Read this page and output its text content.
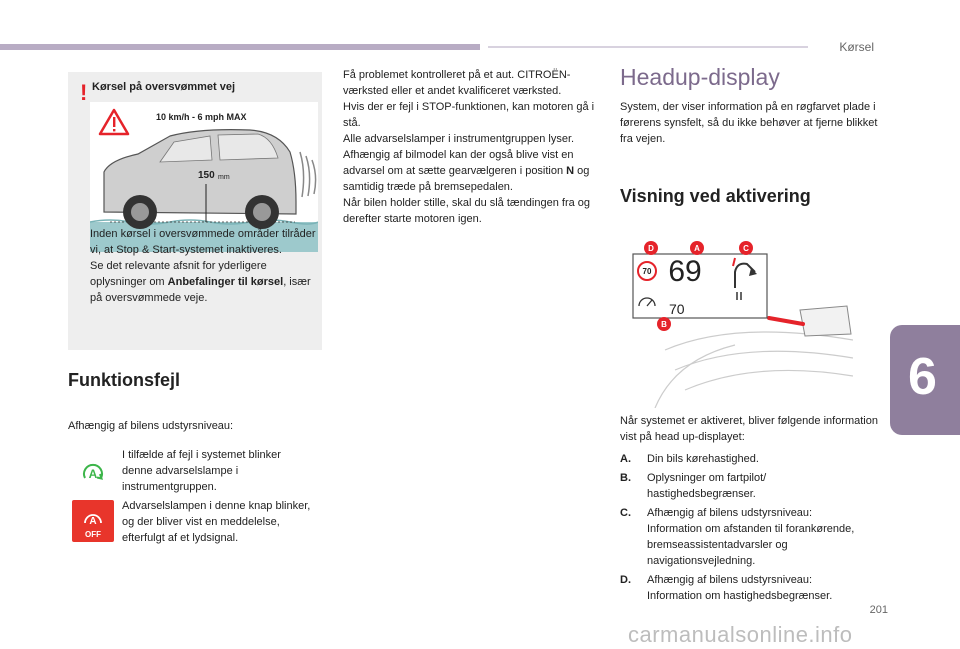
Kørsel
6
201
carmanualsonline.info
! Kørsel på oversvømmet vej
10 km/h - 6 mph MAX
150 mm
Inden kørsel i oversvømmede områder tilråder vi, at Stop & Start-systemet inaktiveres.
Se det relevante afsnit for yderligere oplysninger om Anbefalinger til kørsel, især på oversvømmede veje.
Funktionsfejl
Afhængig af bilens udstyrsniveau:
A
I tilfælde af fejl i systemet blinker denne advarselslampe i instrumentgruppen.
A
OFF
Advarselslampen i denne knap blinker, og der bliver vist en meddelelse, efterfulgt af et lydsignal.
Få problemet kontrolleret på et aut. CITROËN-værksted eller et andet kvalificeret værksted.
Hvis der er fejl i STOP-funktionen, kan motoren gå i stå.
Alle advarselslamper i instrumentgruppen lyser.
Afhængig af bilmodel kan der også blive vist en advarsel om at sætte gearvælgeren i position N og samtidig træde på bremsepedalen.
Når bilen holder stille, skal du slå tændingen fra og derefter starte motoren igen.
Headup-display
System, der viser information på en røgfarvet plade i førerens synsfelt, så du ikke behøver at fjerne blikket fra vejen.
Visning ved aktivering
70 69
70
D	A	C
B
Når systemet er aktiveret, bliver følgende information vist på head up-displayet:
A.	Din bils kørehastighed.
B.	Oplysninger om fartpilot/ hastighedsbegrænser.
C.	Afhængig af bilens udstyrsniveau: Information om afstanden til forankørende, bremseassistentadvarsler og navigationsvejledning.
D.	Afhængig af bilens udstyrsniveau: Information om hastighedsbegrænser.
